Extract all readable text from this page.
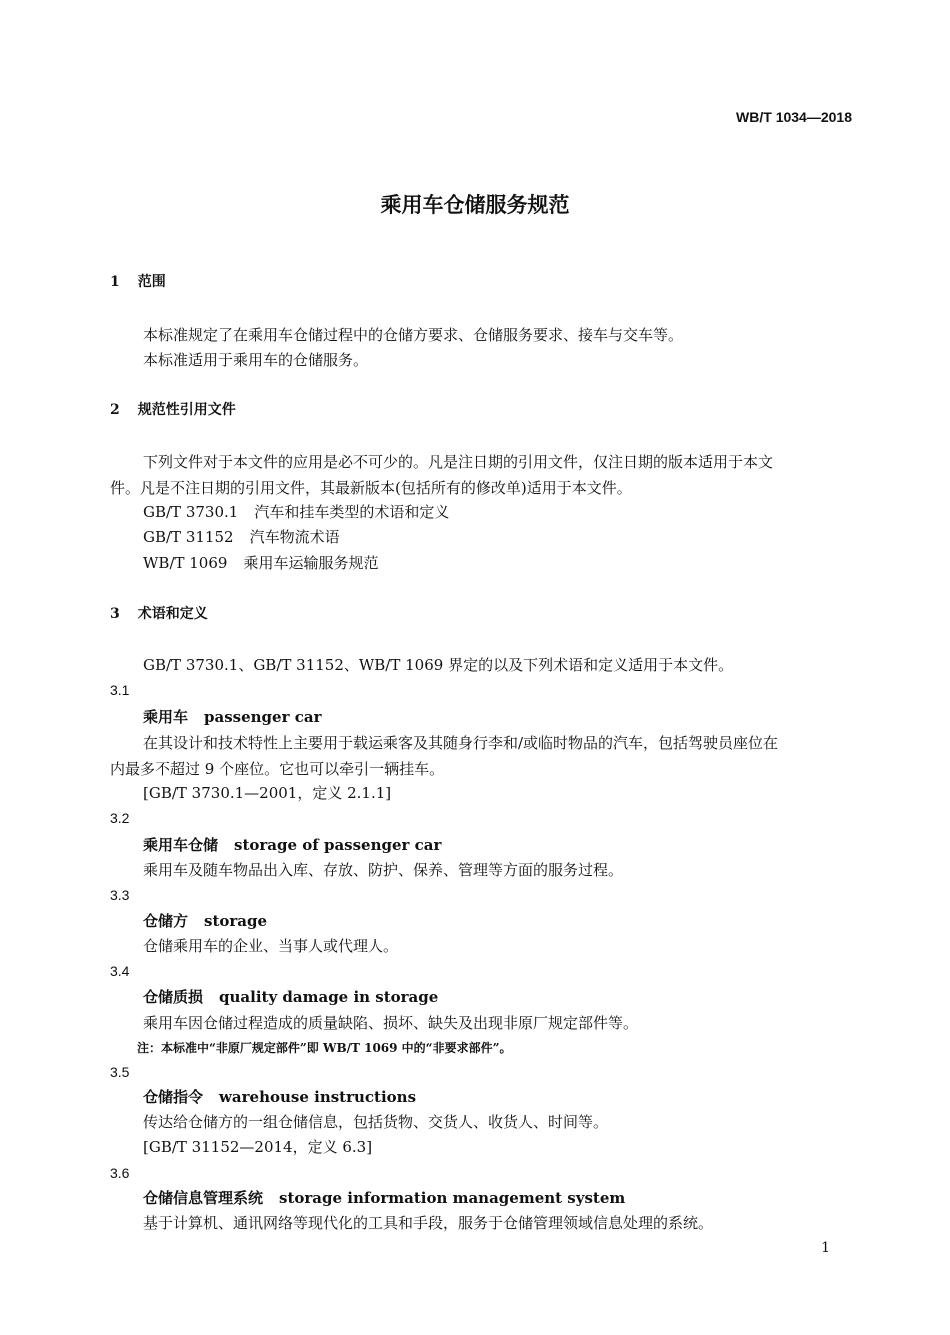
WB/T 1034—2018
乘用车仓储服务规范
1 范围
本标准规定了在乘用车仓储过程中的仓储方要求、仓储服务要求、接车与交车等。
本标准适用于乘用车的仓储服务。
2 规范性引用文件
下列文件对于本文件的应用是必不可少的。凡是注日期的引用文件，仅注日期的版本适用于本文
件。凡是不注日期的引用文件，其最新版本(包括所有的修改单)适用于本文件。
GB/T 3730.1 汽车和挂车类型的术语和定义
GB/T 31152 汽车物流术语
WB/T 1069 乘用车运输服务规范
3 术语和定义
GB/T 3730.1、GB/T 31152、WB/T 1069 界定的以及下列术语和定义适用于本文件。
3.1
乘用车 passenger car
在其设计和技术特性上主要用于载运乘客及其随身行李和/或临时物品的汽车，包括驾驶员座位在
内最多不超过 9 个座位。它也可以牵引一辆挂车。
[GB/T 3730.1—2001，定义 2.1.1]
3.2
乘用车仓储 storage of passenger car
乘用车及随车物品出入库、存放、防护、保养、管理等方面的服务过程。
3.3
仓储方 storage
仓储乘用车的企业、当事人或代理人。
3.4
仓储质损 quality damage in storage
乘用车因仓储过程造成的质量缺陷、损坏、缺失及出现非原厂规定部件等。
注：本标准中“非原厂规定部件”即 WB/T 1069 中的“非要求部件”。
3.5
仓储指令 warehouse instructions
传达给仓储方的一组仓储信息，包括货物、交货人、收货人、时间等。
[GB/T 31152—2014，定义 6.3]
3.6
仓储信息管理系统 storage information management system
基于计算机、通讯网络等现代化的工具和手段，服务于仓储管理领域信息处理的系统。
1
